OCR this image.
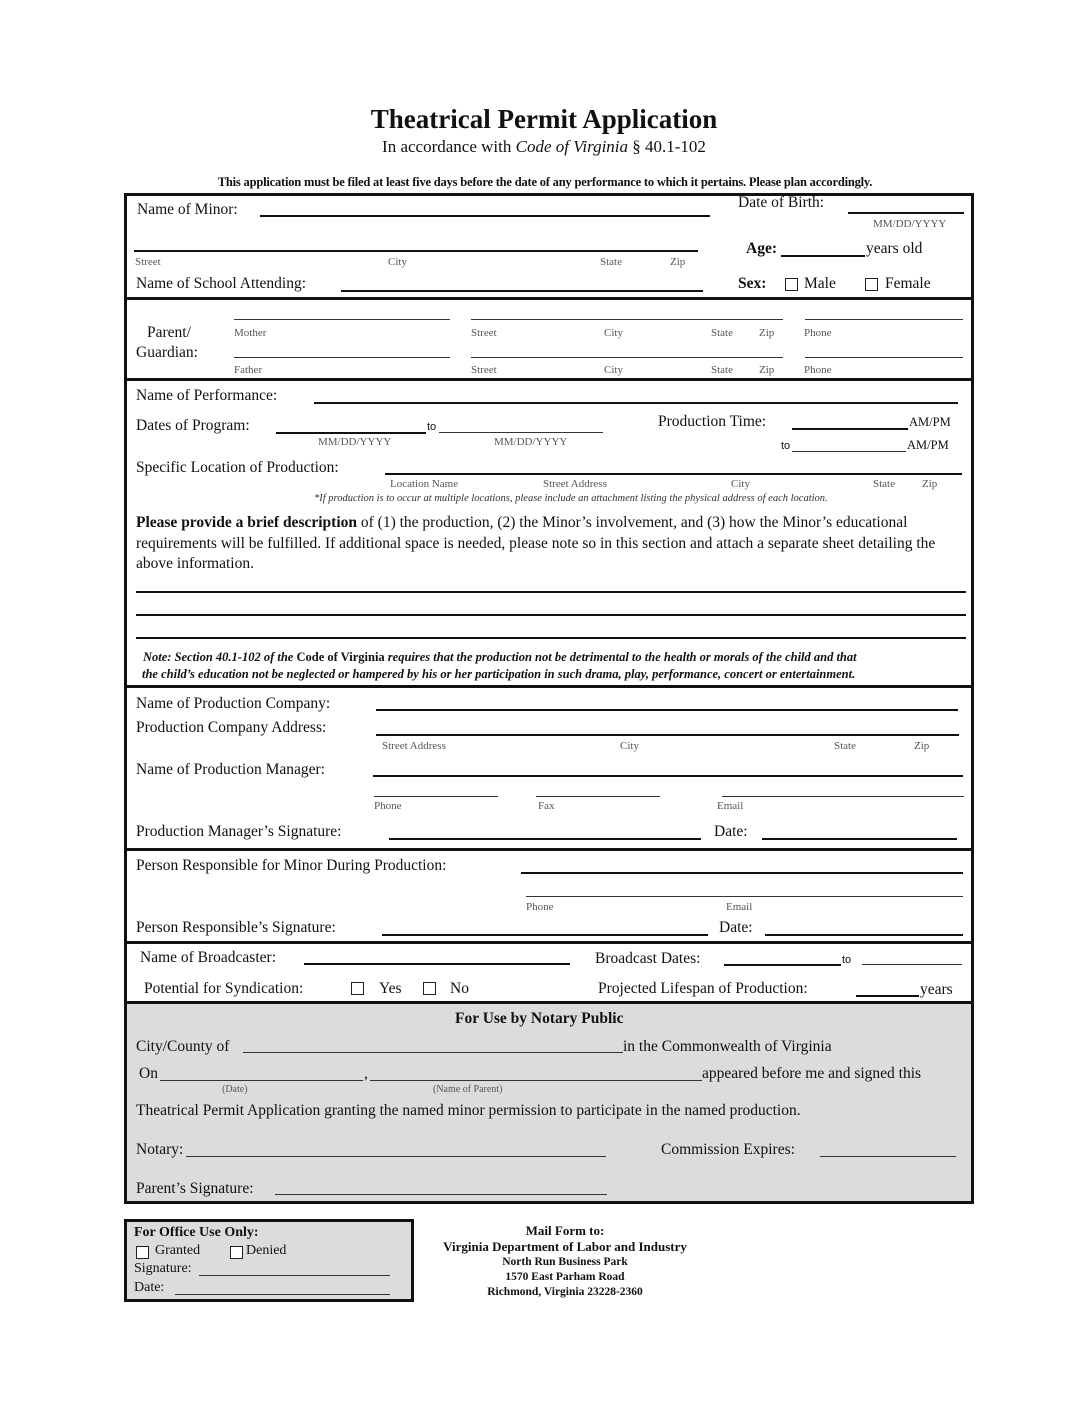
Theatrical Permit Application
In accordance with Code of Virginia § 40.1-102
This application must be filed at least five days before the date of any performance to which it pertains. Please plan accordingly.
Name of Minor:	Date of Birth:
MM/DD/YYYY
Street	City	State	Zip
Age:	years old
Name of School Attending:	Sex: Male	Female
Parent/
Guardian:
Mother	Street	City	State Zip	Phone
Father	Street	City	State Zip	Phone
Name of Performance:
Dates of Program:	to
MM/DD/YYYY	MM/DD/YYYY
Production Time:	AM/PM
to	AM/PM
Specific Location of Production:
Location Name	Street Address	City	State Zip
*If production is to occur at multiple locations, please include an attachment listing the physical address of each location.
Please provide a brief description of (1) the production, (2) the Minor’s involvement, and (3) how the Minor’s educational requirements will be fulfilled. If additional space is needed, please note so in this section and attach a separate sheet detailing the above information.
Note: Section 40.1-102 of the Code of Virginia requires that the production not be detrimental to the health or morals of the child and that
the child’s education not be neglected or hampered by his or her participation in such drama, play, performance, concert or entertainment.
Name of Production Company:
Production Company Address:
Street Address	City	State	Zip
Name of Production Manager:
Phone	Fax	Email
Production Manager’s Signature:	Date:
Person Responsible for Minor During Production:
Phone	Email
Person Responsible’s Signature:	Date:
Name of Broadcaster:	Broadcast Dates:	to
Potential for Syndication:	Yes	No	Projected Lifespan of Production:	years
For Use by Notary Public
City/County of	in the Commonwealth of Virginia
On	,	appeared before me and signed this
(Date)	(Name of Parent)
Theatrical Permit Application granting the named minor permission to participate in the named production.
Notary:	Commission Expires:
Parent’s Signature:
For Office Use Only:
Granted	Denied
Signature:
Date:
Mail Form to:
Virginia Department of Labor and Industry
North Run Business Park
1570 East Parham Road
Richmond, Virginia 23228-2360
